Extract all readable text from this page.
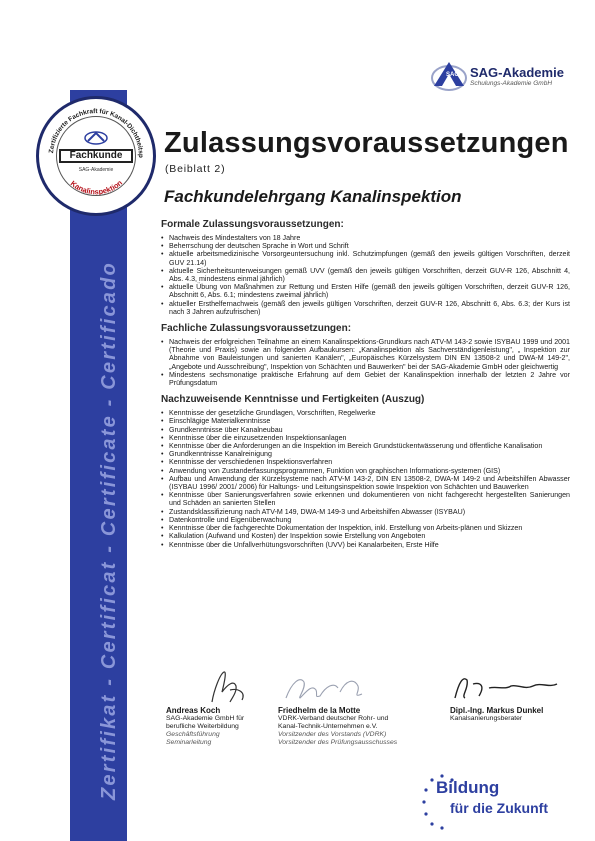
Zertifikat - Certificat - Certificate - Certificado
Zertifizierte Fachkraft für Kanal-Dichtheitsp
Kanalinspektion
Fachkunde
SAG-Akademie
SAG SAG-Akademie
Schulungs-Akademie GmbH
Zulassungsvoraussetzungen
(Beiblatt 2)
Fachkundelehrgang Kanalinspektion
Formale Zulassungsvoraussetzungen:
• Nachweis des Mindestalters von 18 Jahre
• Beherrschung der deutschen Sprache in Wort und Schrift
• aktuelle arbeitsmedizinische Vorsorgeuntersuchung inkl. Schutzimpfungen (gemäß den jeweils gültigen Vorschriften, derzeit GUV 21.14)
• aktuelle Sicherheitsunterweisungen gemäß UVV (gemäß den jeweils gültigen Vorschriften, derzeit GUV-R 126, Abschnitt 4, Abs. 4.3, mindestens einmal jährlich)
• aktuelle Übung von Maßnahmen zur Rettung und Ersten Hilfe (gemäß den jeweils gültigen Vorschriften, derzeit GUV-R 126, Abschnitt 6, Abs. 6.1; mindestens zweimal jährlich)
• aktueller Ersthelfernachweis (gemäß den jeweils gültigen Vorschriften, derzeit GUV-R 126, Abschnitt 6, Abs. 6.3; der Kurs ist nach 3 Jahren aufzufrischen)
Fachliche Zulassungsvoraussetzungen:
• Nachweis der erfolgreichen Teilnahme an einem Kanalinspektions-Grundkurs nach ATV-M 143-2 sowie ISYBAU 1999 und 2001 (Theorie und Praxis) sowie an folgenden Aufbaukursen: „Kanalinspektion als Sachverständigenleistung", „ Inspektion zur Abnahme von Bauleistungen und sanierten Kanälen", „Europäisches Kürzelsystem DIN EN 13508-2 und DWA-M 149-2", „Angebote und Ausschreibung", Inspektion von Schächten und Bauwerken" bei der SAG-Akademie GmbH oder gleichwertig
• Mindestens sechsmonatige praktische Erfahrung auf dem Gebiet der Kanalinspektion innerhalb der letzten 2 Jahre vor Prüfungsdatum
Nachzuweisende Kenntnisse und Fertigkeiten (Auszug)
• Kenntnisse der gesetzliche Grundlagen, Vorschriften, Regelwerke
• Einschlägige Materialkenntnisse
• Grundkenntnisse über Kanalneubau
• Kenntnisse über die einzusetzenden Inspektionsanlagen
• Kenntnisse über die Anforderungen an die Inspektion im Bereich Grundstückentwässerung und öffentliche Kanalisation
• Grundkenntnisse Kanalreinigung
• Kenntnisse der verschiedenen Inspektionsverfahren
• Anwendung von Zustanderfassungsprogrammen, Funktion von graphischen Informations-systemen (GIS)
• Aufbau und Anwendung der Kürzelsysteme nach ATV-M 143-2, DIN EN 13508-2, DWA-M 149-2 und Arbeitshilfen Abwasser (ISYBAU 1996/ 2001/ 2006) für Haltungs- und Leitungsinspektion sowie Inspektion von Schächten und Bauwerken
• Kenntnisse über Sanierungsverfahren sowie erkennen und dokumentieren von nicht fachgerecht hergestellten Sanierungen und Schäden an sanierten Stellen
• Zustandsklassifizierung nach ATV-M 149, DWA-M 149-3 und Arbeitshilfen Abwasser (ISYBAU)
• Datenkontrolle und Eigenüberwachung
• Kenntnisse über die fachgerechte Dokumentation der Inspektion, inkl. Erstellung von Arbeits-plänen und Skizzen
• Kalkulation (Aufwand und Kosten) der Inspektion sowie Erstellung von Angeboten
• Kenntnisse über die Unfallverhütungsvorschriften (UVV) bei Kanalarbeiten, Erste Hilfe
Andreas Koch
SAG-Akademie GmbH für
berufliche Weiterbildung
Geschäftsführung
Seminarleitung
Friedhelm de la Motte
VDRK-Verband deutscher Rohr- und
Kanal-Technik-Unternehmen e.V.
Vorsitzender des Vorstands (VDRK)
Vorsitzender des Prüfungsausschusses
Dipl.-Ing. Markus Dunkel
Kanalsanierungsberater
Bildung
für die Zukunft
